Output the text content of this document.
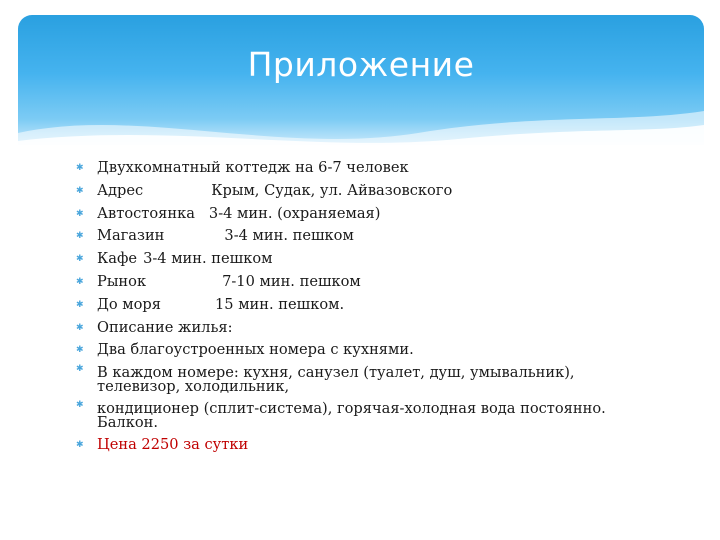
Приложение
✱ Двухкомнатный коттедж на 6-7 человек
✱ Адрес	Крым, Судак, ул. Айвазовского
✱ Автостоянка 3-4 мин. (охраняемая)
✱ Магазин	3-4 мин. пешком
✱ Кафе 3-4 мин. пешком
✱ Рынок	7-10 мин. пешком
✱ До моря	15 мин. пешком.
✱ Описание жилья:
✱ Два благоустроенных номера с кухнями.
✱ В каждом номере: кухня, санузел (туалет, душ, умывальник),
телевизор, холодильник,
✱ кондиционер (сплит-система), горячая-холодная вода постоянно.
Балкон.
✱ Цена 2250 за сутки
